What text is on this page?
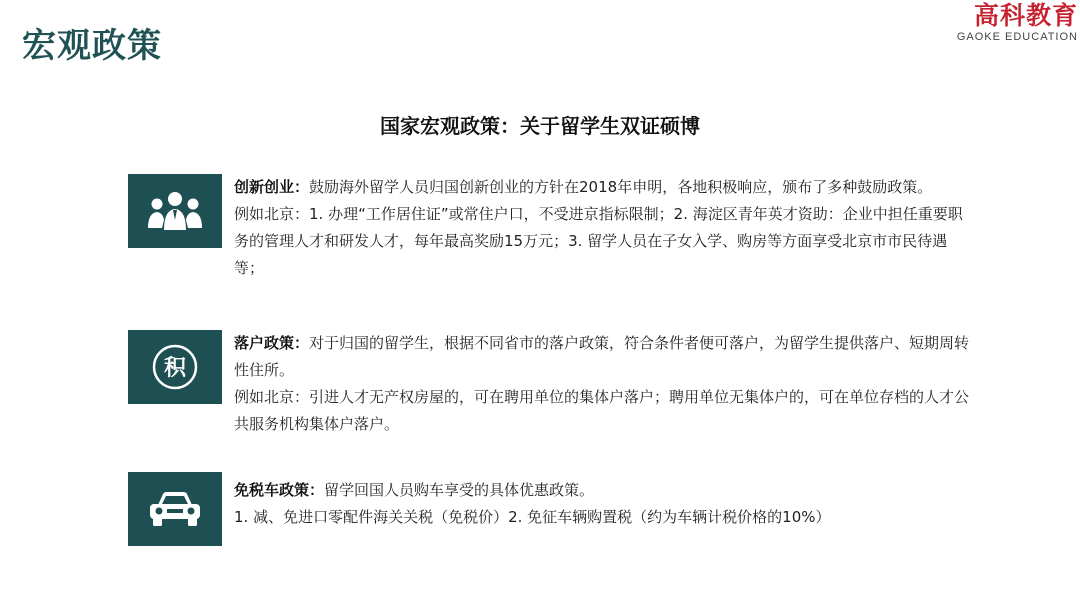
宏观政策
高科教育
GAOKE EDUCATION
国家宏观政策：关于留学生双证硕博

创新创业：鼓励海外留学人员归国创新创业的方针在2018年申明，各地积极响应，颁布了多种鼓励政策。

例如北京：1. 办理“工作居住证”或常住户口，不受进京指标限制；2. 海淀区青年英才资助：企业中担任重要职务的管理人才和研发人才，每年最高奖励15万元；3. 留学人员在子女入学、购房等方面享受北京市市民待遇等；

积

落户政策：对于归国的留学生，根据不同省市的落户政策，符合条件者便可落户，为留学生提供落户、短期周转性住所。

例如北京：引进人才无产权房屋的，可在聘用单位的集体户落户；聘用单位无集体户的，可在单位存档的人才公共服务机构集体户落户。

免税车政策：留学回国人员购车享受的具体优惠政策。

1. 减、免进口零配件海关关税（免税价）2. 免征车辆购置税（约为车辆计税价格的10%）
